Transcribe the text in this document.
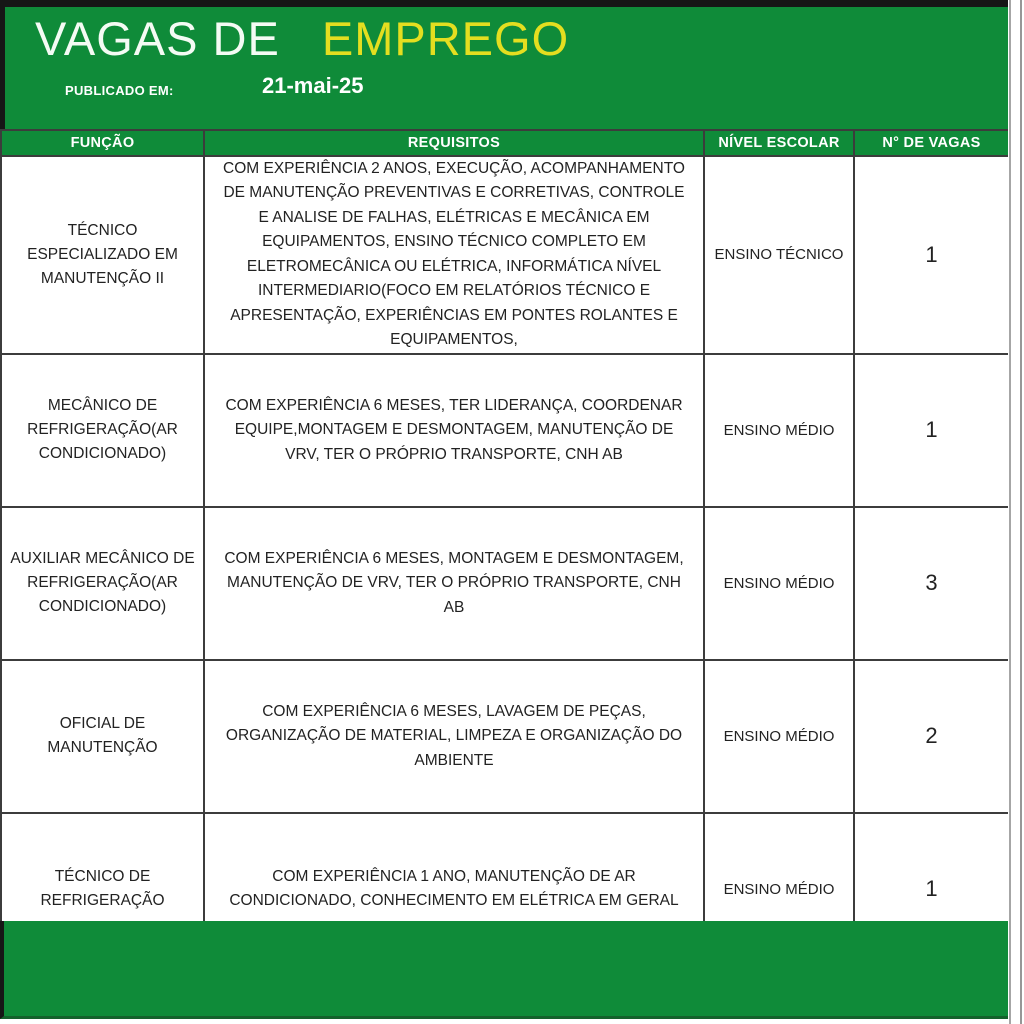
VAGAS DE EMPREGO
PUBLICADO EM:	21-mai-25
FUNÇÃO	REQUISITOS	NÍVEL ESCOLAR	N° DE VAGAS
TÉCNICO ESPECIALIZADO EM MANUTENÇÃO II	COM EXPERIÊNCIA 2 ANOS, EXECUÇÃO, ACOMPANHAMENTO DE MANUTENÇÃO PREVENTIVAS E CORRETIVAS, CONTROLE E ANALISE DE FALHAS, ELÉTRICAS E MECÂNICA EM EQUIPAMENTOS, ENSINO TÉCNICO COMPLETO EM ELETROMECÂNICA OU ELÉTRICA, INFORMÁTICA NÍVEL INTERMEDIARIO(FOCO EM RELATÓRIOS TÉCNICO E APRESENTAÇÃO, EXPERIÊNCIAS EM PONTES ROLANTES E EQUIPAMENTOS,	ENSINO TÉCNICO	1
MECÂNICO DE REFRIGERAÇÃO(AR CONDICIONADO)	COM EXPERIÊNCIA 6 MESES, TER LIDERANÇA, COORDENAR EQUIPE,MONTAGEM E DESMONTAGEM, MANUTENÇÃO DE VRV, TER O PRÓPRIO TRANSPORTE, CNH AB	ENSINO MÉDIO	1
AUXILIAR MECÂNICO DE REFRIGERAÇÃO(AR CONDICIONADO)	COM EXPERIÊNCIA 6 MESES, MONTAGEM E DESMONTAGEM, MANUTENÇÃO DE VRV, TER O PRÓPRIO TRANSPORTE, CNH AB	ENSINO MÉDIO	3
OFICIAL DE MANUTENÇÃO	COM EXPERIÊNCIA 6 MESES, LAVAGEM DE PEÇAS, ORGANIZAÇÃO DE MATERIAL, LIMPEZA E ORGANIZAÇÃO DO AMBIENTE	ENSINO MÉDIO	2
TÉCNICO DE REFRIGERAÇÃO	COM EXPERIÊNCIA 1 ANO, MANUTENÇÃO DE AR CONDICIONADO, CONHECIMENTO EM ELÉTRICA EM GERAL	ENSINO MÉDIO	1
